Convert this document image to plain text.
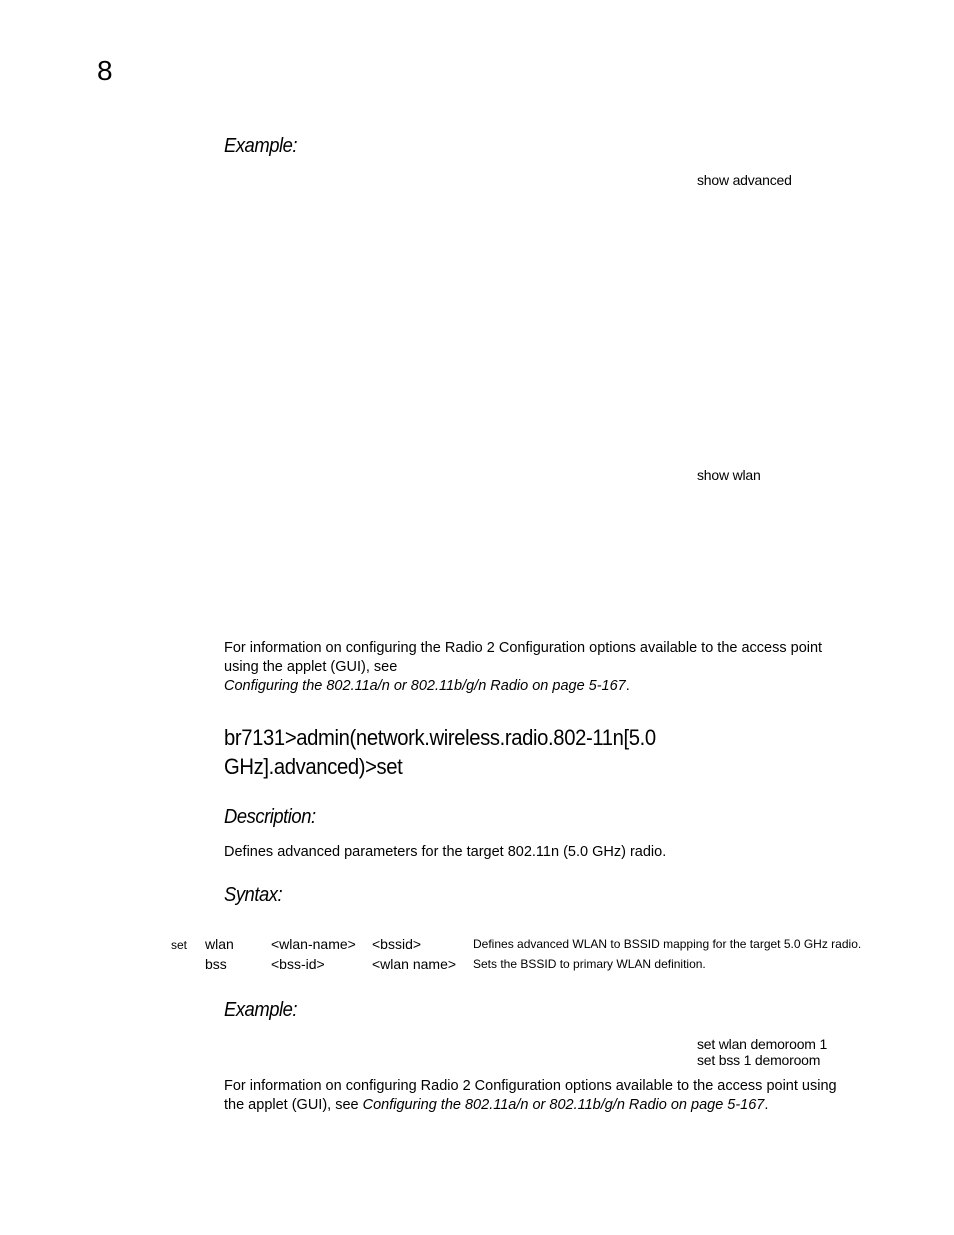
8
Example:
show advanced
show wlan
For information on configuring the Radio 2 Configuration options available to the access point
using the applet (GUI), see
Configuring the 802.11a/n or 802.11b/g/n Radio on page 5-167.
br7131>admin(network.wireless.radio.802-11n[5.0
GHz].advanced)>set
Description:
Defines advanced parameters for the target 802.11n (5.0 GHz) radio.
Syntax:
set wlan	<wlan-name> <bssid>	Defines advanced WLAN to BSSID mapping for the target 5.0 GHz radio.
bss	<bss-id>	<wlan name> Sets the BSSID to primary WLAN definition.
Example:
set wlan demoroom 1
set bss 1 demoroom
For information on configuring Radio 2 Configuration options available to the access point using
the applet (GUI), see Configuring the 802.11a/n or 802.11b/g/n Radio on page 5-167.
